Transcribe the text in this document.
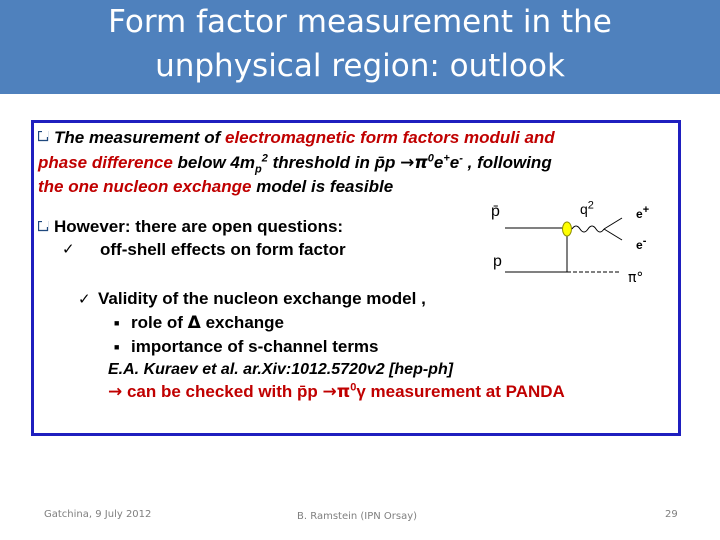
Form factor measurement in the
unphysical region: outlook
The measurement of electromagnetic form factors moduli and
phase difference below $4m_p^2$ threshold in p̄p $\to\pi^0e^+e^-$ , following
the one nucleon exchange model is feasible
However: there are open questions:
✓ off-shell effects on form factor
p̄
p
$q^2$
e+
e-
π°
✓ Validity of the nucleon exchange model ,
■ role of Δ exchange
■ importance of s-channel terms
E.A. Kuraev et al. ar.Xiv:1012.5720v2 [hep-ph]
→ can be checked with p̄p $\to\pi^0\gamma$ measurement at PANDA
Gatchina, 9 July 2012	B. Ramstein (IPN Orsay)	29
